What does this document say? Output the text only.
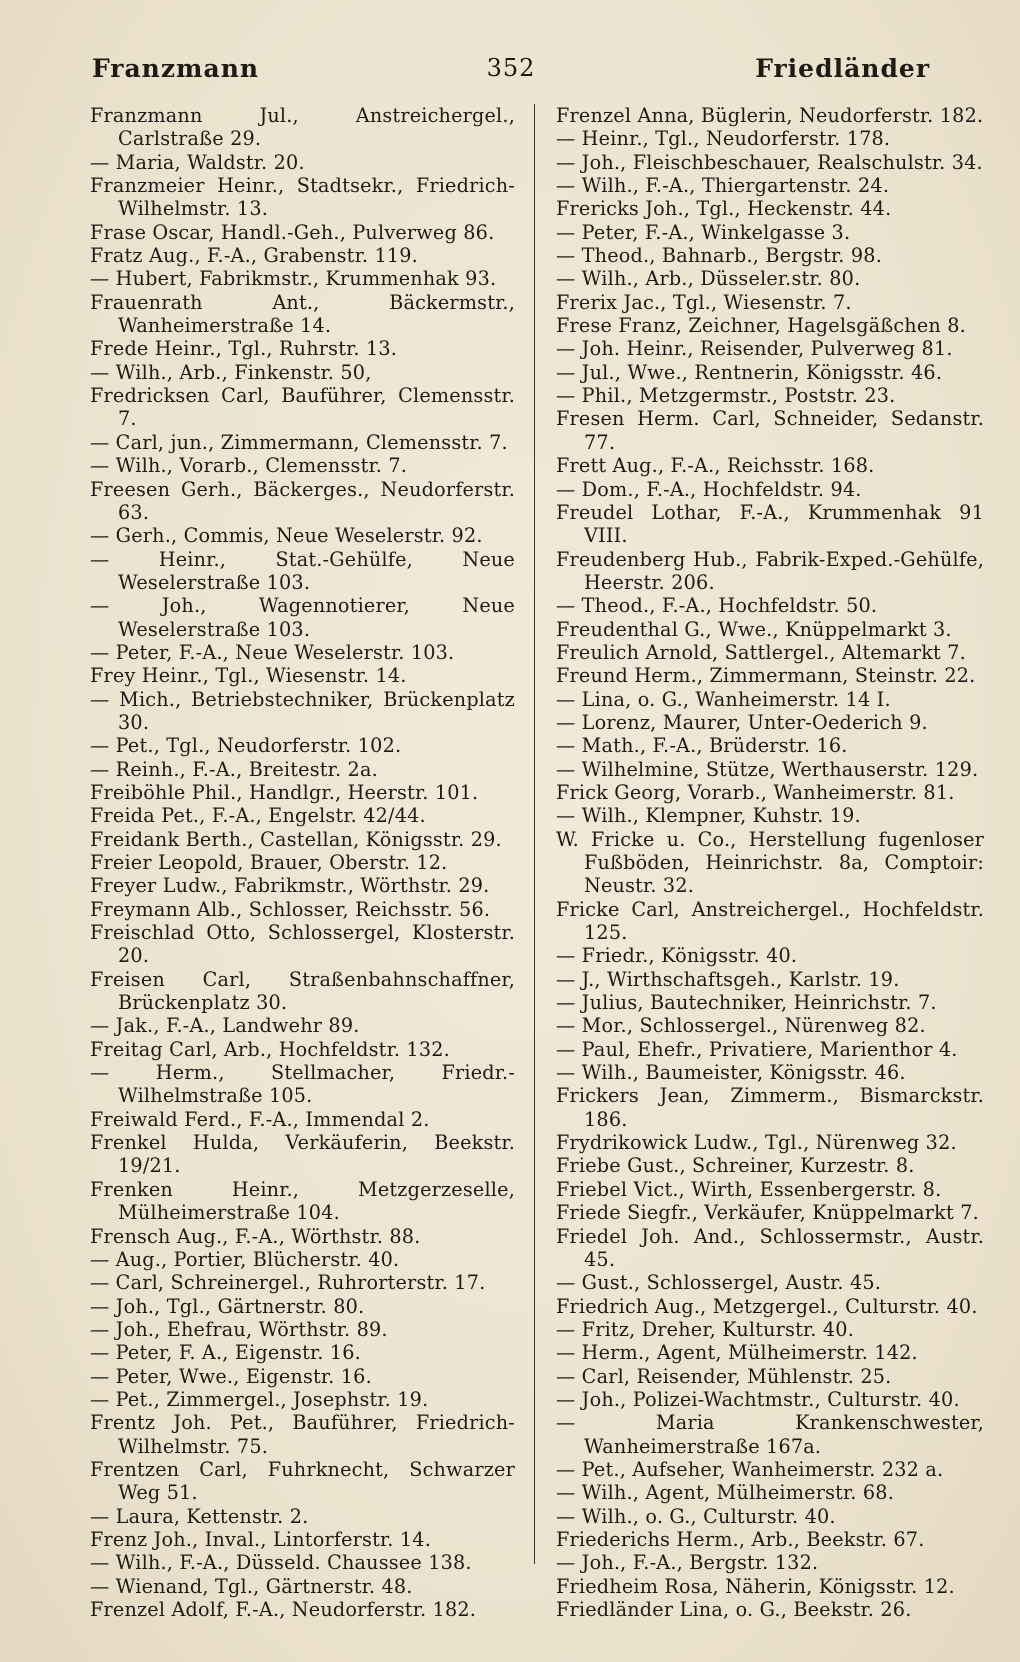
Franzmann	352	Friedländer

Franzmann Jul., Anstreichergel., Carlstraße 29.

— Maria, Waldstr. 20.

Franzmeier Heinr., Stadtsekr., Friedrich-Wilhelmstr. 13.

Frase Oscar, Handl.-Geh., Pulverweg 86.

Fratz Aug., F.-A., Grabenstr. 119.

— Hubert, Fabrikmstr., Krummenhak 93.

Frauenrath Ant., Bäckermstr., Wanheimerstraße 14.

Frede Heinr., Tgl., Ruhrstr. 13.

— Wilh., Arb., Finkenstr. 50,

Fredricksen Carl, Bauführer, Clemensstr. 7.

— Carl, jun., Zimmermann, Clemensstr. 7.

— Wilh., Vorarb., Clemensstr. 7.

Freesen Gerh., Bäckerges., Neudorferstr. 63.

— Gerh., Commis, Neue Weselerstr. 92.

— Heinr., Stat.-Gehülfe, Neue Weselerstraße 103.

— Joh., Wagennotierer, Neue Weselerstraße 103.

— Peter, F.-A., Neue Weselerstr. 103.

Frey Heinr., Tgl., Wiesenstr. 14.

— Mich., Betriebstechniker, Brückenplatz 30.

— Pet., Tgl., Neudorferstr. 102.

— Reinh., F.-A., Breitestr. 2a.

Freiböhle Phil., Handlgr., Heerstr. 101.

Freida Pet., F.-A., Engelstr. 42/44.

Freidank Berth., Castellan, Königsstr. 29.

Freier Leopold, Brauer, Oberstr. 12.

Freyer Ludw., Fabrikmstr., Wörthstr. 29.

Freymann Alb., Schlosser, Reichsstr. 56.

Freischlad Otto, Schlossergel, Klosterstr. 20.

Freisen Carl, Straßenbahnschaffner, Brückenplatz 30.

— Jak., F.-A., Landwehr 89.

Freitag Carl, Arb., Hochfeldstr. 132.

— Herm., Stellmacher, Friedr.-Wilhelmstraße 105.

Freiwald Ferd., F.-A., Immendal 2.

Frenkel Hulda, Verkäuferin, Beekstr. 19/21.

Frenken Heinr., Metzgerzeselle, Mülheimerstraße 104.

Frensch Aug., F.-A., Wörthstr. 88.

— Aug., Portier, Blücherstr. 40.

— Carl, Schreinergel., Ruhrorterstr. 17.

— Joh., Tgl., Gärtnerstr. 80.

— Joh., Ehefrau, Wörthstr. 89.

— Peter, F. A., Eigenstr. 16.

— Peter, Wwe., Eigenstr. 16.

— Pet., Zimmergel., Josephstr. 19.

Frentz Joh. Pet., Bauführer, Friedrich-Wilhelmstr. 75.

Frentzen Carl, Fuhrknecht, Schwarzer Weg 51.

— Laura, Kettenstr. 2.

Frenz Joh., Inval., Lintorferstr. 14.

— Wilh., F.-A., Düsseld. Chaussee 138.

— Wienand, Tgl., Gärtnerstr. 48.

Frenzel Adolf, F.-A., Neudorferstr. 182.

Frenzel Anna, Büglerin, Neudorferstr. 182.

— Heinr., Tgl., Neudorferstr. 178.

— Joh., Fleischbeschauer, Realschulstr. 34.

— Wilh., F.-A., Thiergartenstr. 24.

Frericks Joh., Tgl., Heckenstr. 44.

— Peter, F.-A., Winkelgasse 3.

— Theod., Bahnarb., Bergstr. 98.

— Wilh., Arb., Düsseler.str. 80.

Frerix Jac., Tgl., Wiesenstr. 7.

Frese Franz, Zeichner, Hagelsgäßchen 8.

— Joh. Heinr., Reisender, Pulverweg 81.

— Jul., Wwe., Rentnerin, Königsstr. 46.

— Phil., Metzgermstr., Poststr. 23.

Fresen Herm. Carl, Schneider, Sedanstr. 77.

Frett Aug., F.-A., Reichsstr. 168.

— Dom., F.-A., Hochfeldstr. 94.

Freudel Lothar, F.-A., Krummenhak 91 VIII.

Freudenberg Hub., Fabrik-Exped.-Gehülfe, Heerstr. 206.

— Theod., F.-A., Hochfeldstr. 50.

Freudenthal G., Wwe., Knüppelmarkt 3.

Freulich Arnold, Sattlergel., Altemarkt 7.

Freund Herm., Zimmermann, Steinstr. 22.

— Lina, o. G., Wanheimerstr. 14 I.

— Lorenz, Maurer, Unter-Oederich 9.

— Math., F.-A., Brüderstr. 16.

— Wilhelmine, Stütze, Werthauserstr. 129.

Frick Georg, Vorarb., Wanheimerstr. 81.

— Wilh., Klempner, Kuhstr. 19.

W. Fricke u. Co., Herstellung fugenloser Fußböden, Heinrichstr. 8a, Comptoir: Neustr. 32.

Fricke Carl, Anstreichergel., Hochfeldstr. 125.

— Friedr., Königsstr. 40.

— J., Wirthschaftsgeh., Karlstr. 19.

— Julius, Bautechniker, Heinrichstr. 7.

— Mor., Schlossergel., Nürenweg 82.

— Paul, Ehefr., Privatiere, Marienthor 4.

— Wilh., Baumeister, Königsstr. 46.

Frickers Jean, Zimmerm., Bismarckstr. 186.

Frydrikowick Ludw., Tgl., Nürenweg 32.

Friebe Gust., Schreiner, Kurzestr. 8.

Friebel Vict., Wirth, Essenbergerstr. 8.

Friede Siegfr., Verkäufer, Knüppelmarkt 7.

Friedel Joh. And., Schlossermstr., Austr. 45.

— Gust., Schlossergel, Austr. 45.

Friedrich Aug., Metzgergel., Culturstr. 40.

— Fritz, Dreher, Kulturstr. 40.

— Herm., Agent, Mülheimerstr. 142.

— Carl, Reisender, Mühlenstr. 25.

— Joh., Polizei-Wachtmstr., Culturstr. 40.

— Maria Krankenschwester, Wanheimerstraße 167a.

— Pet., Aufseher, Wanheimerstr. 232 a.

— Wilh., Agent, Mülheimerstr. 68.

— Wilh., o. G., Culturstr. 40.

Friederichs Herm., Arb., Beekstr. 67.

— Joh., F.-A., Bergstr. 132.

Friedheim Rosa, Näherin, Königsstr. 12.

Friedländer Lina, o. G., Beekstr. 26.
